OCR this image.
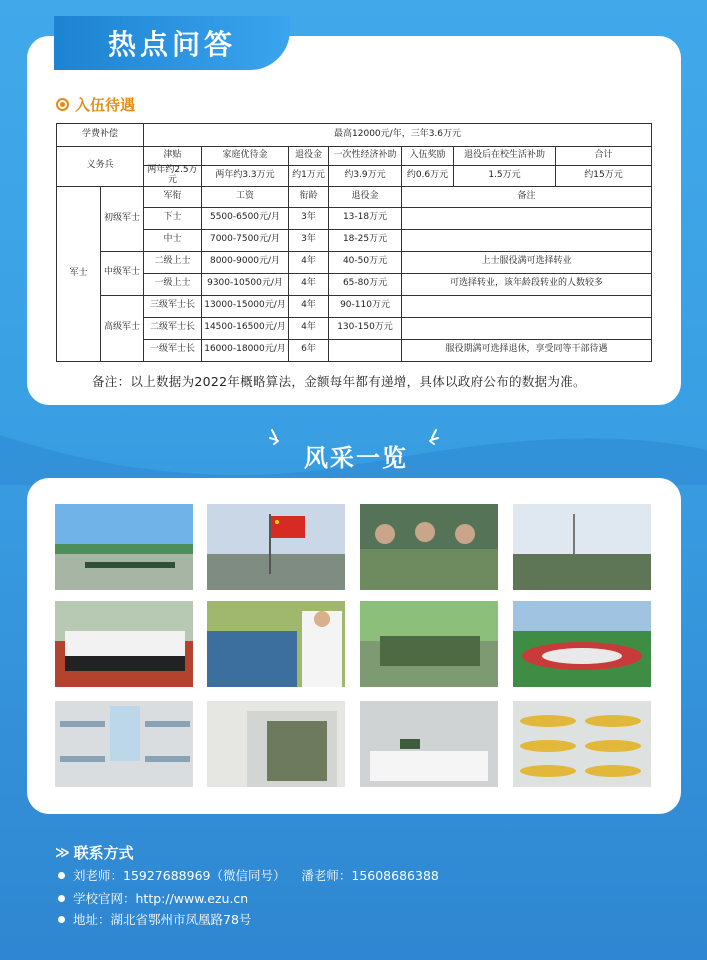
热点问答
入伍待遇
学费补偿		最高12000元/年，三年3.6万元						
义务兵		津贴	家庭优待金	退役金	一次性经济补助	入伍奖励	退役后在校生活补助	合计
		两年约2.5万元	两年约3.3万元	约1万元	约3.9万元	约0.6万元	1.5万元	约15万元
军士	初级军士	军衔	工资	衔龄	退役金	备注		
		下士	5500-6500元/月	3年	13-18万元			
		中士	7000-7500元/月	3年	18-25万元			
	中级军士	二级上士	8000-9000元/月	4年	40-50万元	上士服役满可选择转业		
		一级上士	9300-10500元/月	4年	65-80万元	可选择转业，该年龄段转业的人数较多		
	高级军士	三级军士长	13000-15000元/月	4年	90-110万元			
		二级军士长	14500-16500元/月	4年	130-150万元			
		一级军士长	16000-18000元/月	6年		服役期满可选择退休，享受同等干部待遇		
备注：以上数据为2022年概略算法，金额每年都有递增，具体以政府公布的数据为准。
风采一览
≫ 联系方式
刘老师：15927688969（微信同号）    潘老师：15608686388
学校官网：http://www.ezu.cn
地址：湖北省鄂州市凤凰路78号
